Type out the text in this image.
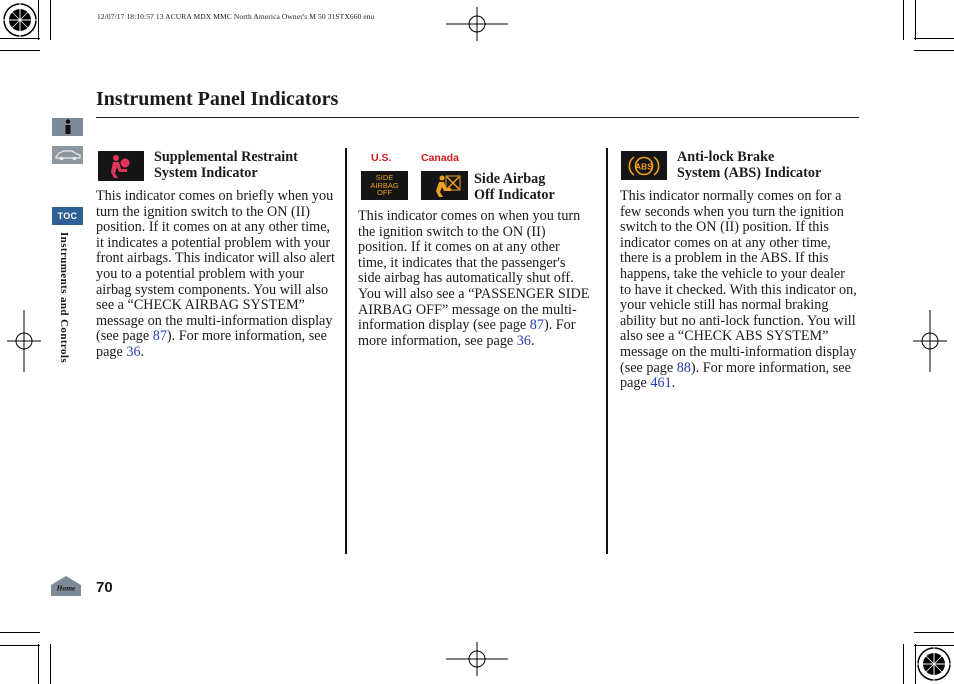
12/07/17 18:10:57 13 ACURA MDX MMC North America Owner's M 50 31STX660 enu
Instrument Panel Indicators
TOC
Instruments and Controls

Supplemental Restraint
System Indicator

This indicator comes on briefly when you turn the ignition switch to the ON (II) position. If it comes on at any other time, it indicates a potential problem with your front airbags. This indicator will also alert you to a potential problem with your airbag system components. You will also see a “CHECK AIRBAG SYSTEM” message on the multi-information display (see page 87). For more information, see page 36.

U.S.	Canada
SIDE
AIRBAG
OFF

Side Airbag
Off Indicator

This indicator comes on when you turn the ignition switch to the ON (II) position. If it comes on at any other time, it indicates that the passenger's side airbag has automatically shut off. You will also see a “PASSENGER SIDE AIRBAG OFF” message on the multi-information display (see page 87). For more information, see page 36.

ABS

Anti-lock Brake
System (ABS) Indicator

This indicator normally comes on for a few seconds when you turn the ignition switch to the ON (II) position. If this indicator comes on at any other time, there is a problem in the ABS. If this happens, take the vehicle to your dealer to have it checked. With this indicator on, your vehicle still has normal braking ability but no anti-lock function. You will also see a “CHECK ABS SYSTEM” message on the multi-information display (see page 88). For more information, see page 461.

Home 70
